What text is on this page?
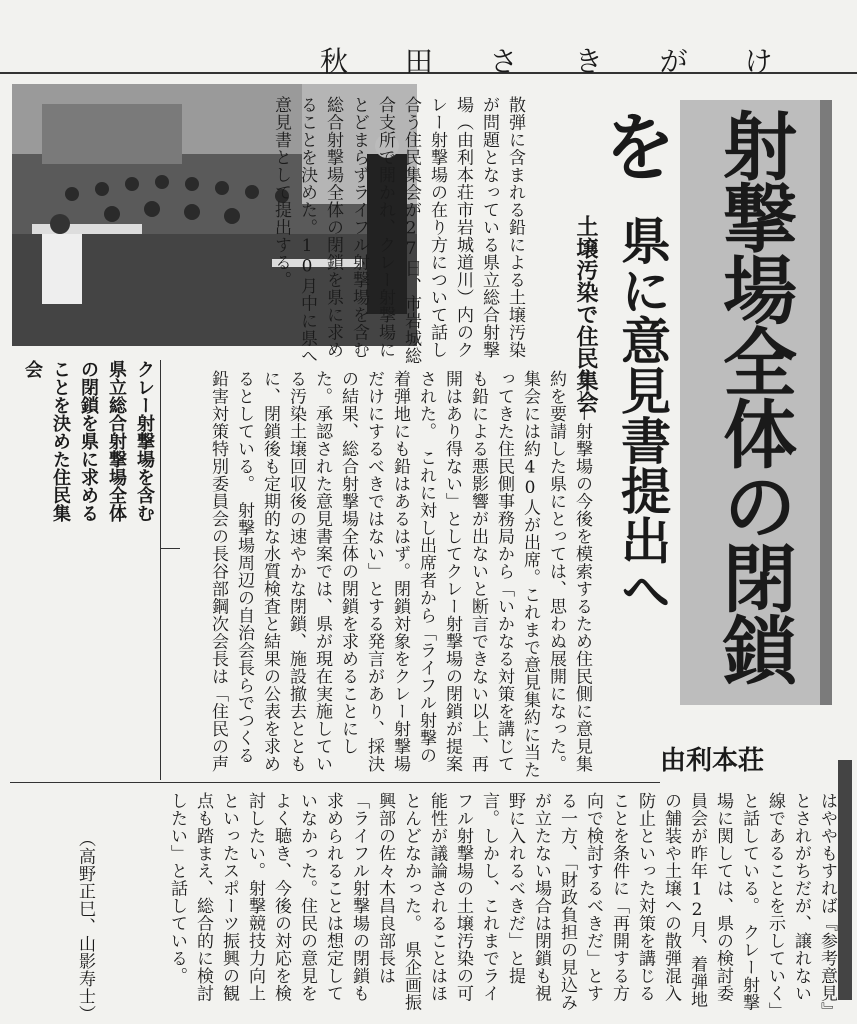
秋 田 さ き が け
射撃場全体の閉鎖を
県に意見書提出へ
土壌汚染で住民集会
由利本荘
クレー射撃場を含む県立総合射撃場全体の閉鎖を県に求めることを決めた住民集会
散弾に含まれる鉛による土壌汚染が問題となっている県立総合射撃場（由利本荘市岩城道川）内のクレー射撃場の在り方について話し合う住民集会が27日、市岩城総合支所で開かれ、クレー射撃場にとどまらずライフル射撃場を含む総合射撃場全体の閉鎖を県に求めることを決めた。10月中に県へ意見書として提出する。
クレー射撃場の今後を模索するため住民側に意見集約を要請した県にとっては、思わぬ展開になった。　集会には約40人が出席。これまで意見集約に当たってきた住民側事務局から「いかなる対策を講じても鉛による悪影響が出ないと断言できない以上、再開はあり得ない」としてクレー射撃場の閉鎖が提案された。　これに対し出席者から「ライフル射撃の着弾地にも鉛はあるはず。閉鎖対象をクレー射撃場だけにするべきではない」とする発言があり、採決の結果、総合射撃場全体の閉鎖を求めることにした。承認された意見書案では、県が現在実施している汚染土壌回収後の速やかな閉鎖、施設撤去とともに、閉鎖後も定期的な水質検査と結果の公表を求めるとしている。　射撃場周辺の自治会長らでつくる鉛害対策特別委員会の長谷部鋼次会長は「住民の声
はややもすれば『参考意見』とされがちだが、譲れない線であることを示していく」と話している。　クレー射撃場に関しては、県の検討委員会が昨年12月、着弾地の舗装や土壌への散弾混入防止といった対策を講じることを条件に「再開する方向で検討するべきだ」とする一方、「財政負担の見込みが立たない場合は閉鎖も視野に入れるべきだ」と提言。しかし、これまでライフル射撃場の土壌汚染の可能性が議論されることはほとんどなかった。　県企画振興部の佐々木昌良部長は「ライフル射撃場の閉鎖も求められることは想定していなかった。住民の意見をよく聴き、今後の対応を検討したい。射撃競技力向上といったスポーツ振興の観点も踏まえ、総合的に検討したい」と話している。
（高野正巳、山影寿士）
